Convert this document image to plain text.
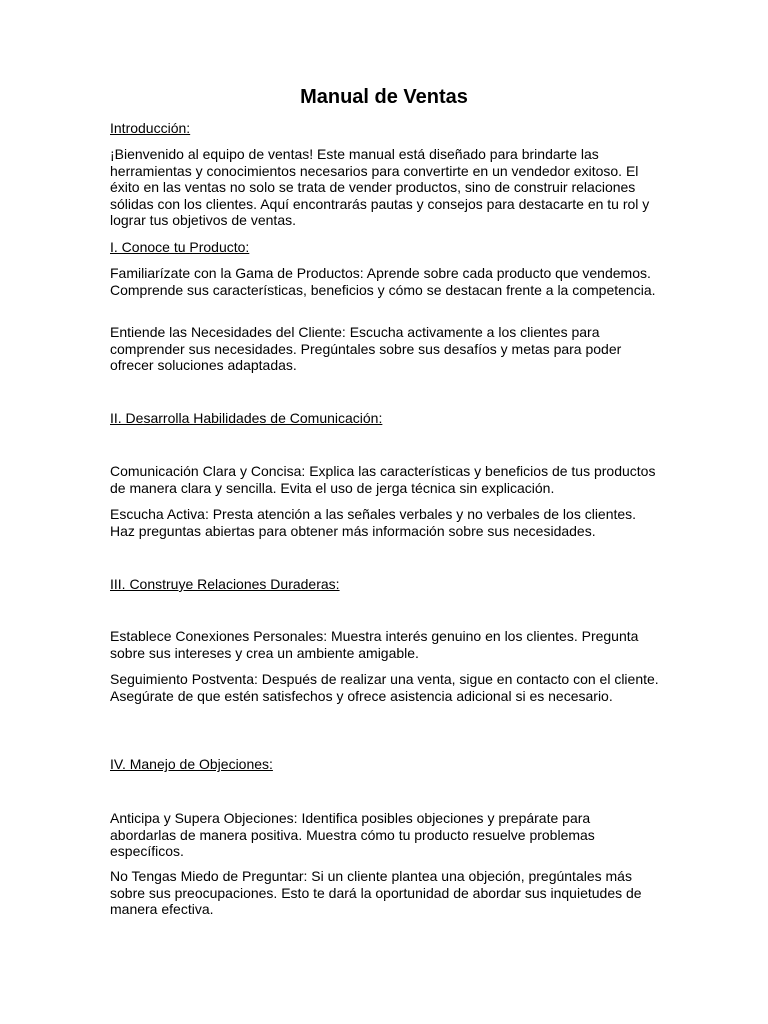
Manual de Ventas

Introducción:

¡Bienvenido al equipo de ventas! Este manual está diseñado para brindarte las herramientas y conocimientos necesarios para convertirte en un vendedor exitoso. El éxito en las ventas no solo se trata de vender productos, sino de construir relaciones sólidas con los clientes. Aquí encontrarás pautas y consejos para destacarte en tu rol y lograr tus objetivos de ventas.

I. Conoce tu Producto:

Familiarízate con la Gama de Productos: Aprende sobre cada producto que vendemos. Comprende sus características, beneficios y cómo se destacan frente a la competencia.

Entiende las Necesidades del Cliente: Escucha activamente a los clientes para comprender sus necesidades. Pregúntales sobre sus desafíos y metas para poder ofrecer soluciones adaptadas.

II. Desarrolla Habilidades de Comunicación:

Comunicación Clara y Concisa: Explica las características y beneficios de tus productos de manera clara y sencilla. Evita el uso de jerga técnica sin explicación.

Escucha Activa: Presta atención a las señales verbales y no verbales de los clientes. Haz preguntas abiertas para obtener más información sobre sus necesidades.

III. Construye Relaciones Duraderas:

Establece Conexiones Personales: Muestra interés genuino en los clientes. Pregunta sobre sus intereses y crea un ambiente amigable.

Seguimiento Postventa: Después de realizar una venta, sigue en contacto con el cliente. Asegúrate de que estén satisfechos y ofrece asistencia adicional si es necesario.

IV. Manejo de Objeciones:

Anticipa y Supera Objeciones: Identifica posibles objeciones y prepárate para abordarlas de manera positiva. Muestra cómo tu producto resuelve problemas específicos.

No Tengas Miedo de Preguntar: Si un cliente plantea una objeción, pregúntales más sobre sus preocupaciones. Esto te dará la oportunidad de abordar sus inquietudes de manera efectiva.
